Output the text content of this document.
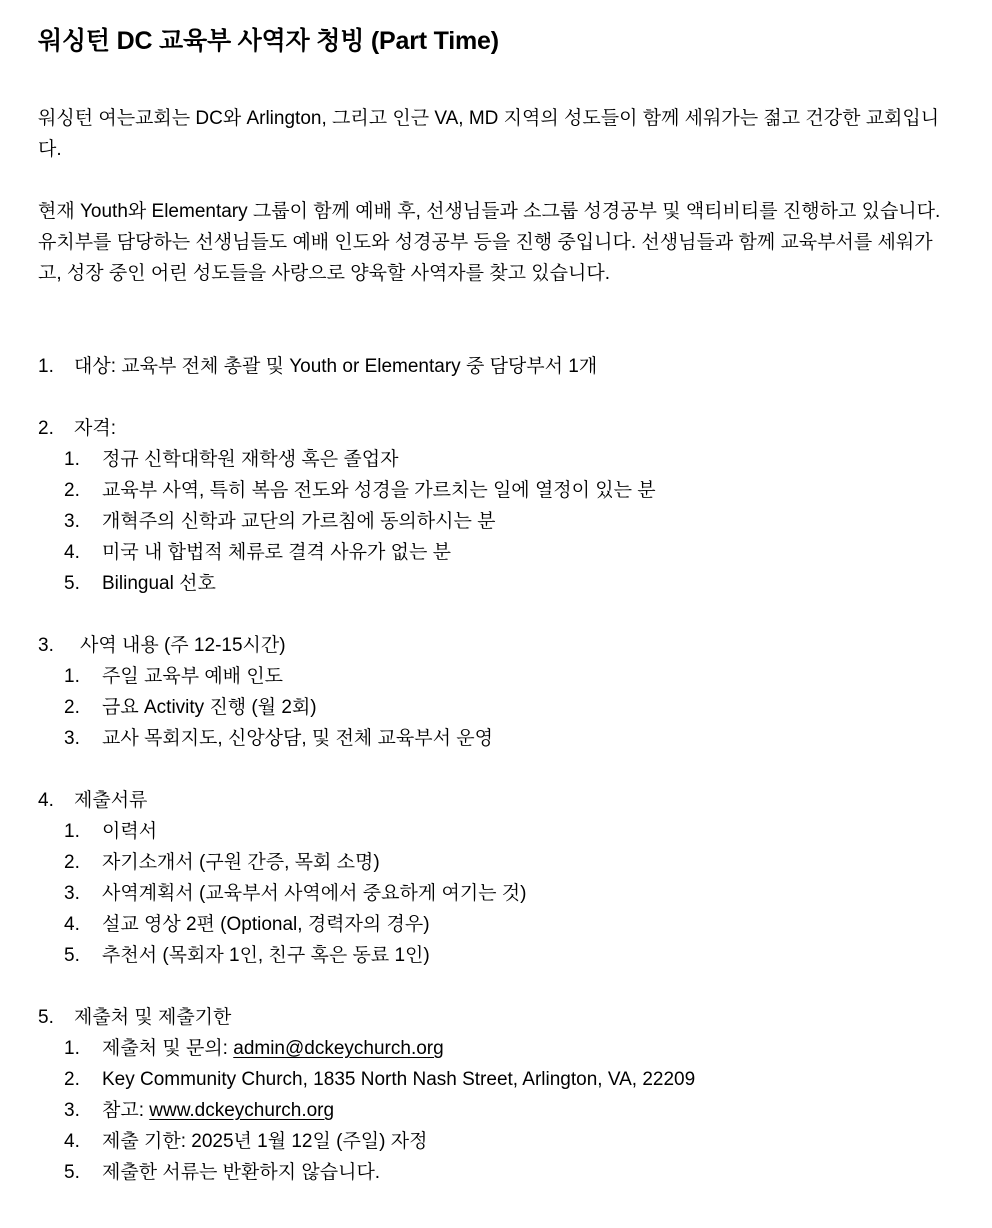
워싱턴 DC 교육부 사역자 청빙 (Part Time)
워싱턴 여는교회는 DC와 Arlington, 그리고 인근 VA, MD 지역의 성도들이 함께 세워가는 젊고 건강한 교회입니다.
현재 Youth와 Elementary 그룹이 함께 예배 후, 선생님들과 소그룹 성경공부 및 액티비티를 진행하고 있습니다. 유치부를 담당하는 선생님들도 예배 인도와 성경공부 등을 진행 중입니다. 선생님들과 함께 교육부서를 세워가고, 성장 중인 어린 성도들을 사랑으로 양육할 사역자를 찾고 있습니다.
1.	대상: 교육부 전체 총괄 및 Youth or Elementary 중 담당부서 1개
2.	자격:
1.	정규 신학대학원 재학생 혹은 졸업자
2.	교육부 사역, 특히 복음 전도와 성경을 가르치는 일에 열정이 있는 분
3.	개혁주의 신학과 교단의 가르침에 동의하시는 분
4.	미국 내 합법적 체류로 결격 사유가 없는 분
5.	Bilingual 선호
3.	사역 내용 (주 12-15시간)
1.	주일 교육부 예배 인도
2.	금요 Activity 진행 (월 2회)
3.	교사 목회지도, 신앙상담, 및 전체 교육부서 운영
4.	제출서류
1.	이력서
2.	자기소개서 (구원 간증, 목회 소명)
3.	사역계획서 (교육부서 사역에서 중요하게 여기는 것)
4.	설교 영상 2편 (Optional, 경력자의 경우)
5.	추천서 (목회자 1인, 친구 혹은 동료 1인)
5.	제출처 및 제출기한
1.	제출처 및 문의: admin@dckeychurch.org
2.	Key Community Church, 1835 North Nash Street, Arlington, VA, 22209
3.	참고: www.dckeychurch.org
4.	제출 기한: 2025년 1월 12일 (주일) 자정
5.	제출한 서류는 반환하지 않습니다.
